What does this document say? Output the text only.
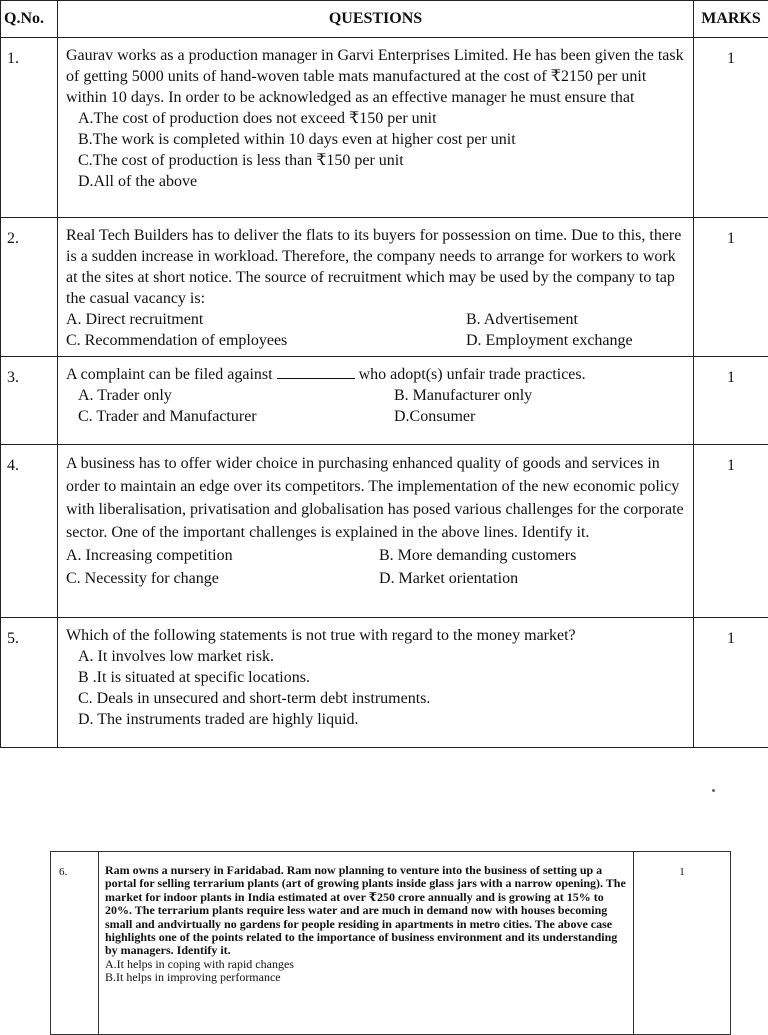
Q.No.	QUESTIONS	MARKS
1.	Gaurav works as a production manager in Garvi Enterprises Limited. He has been given the task of getting 5000 units of hand-woven table mats manufactured at the cost of ₹2150 per unit within 10 days. In order to be acknowledged as an effective manager he must ensure that
A.The cost of production does not exceed ₹150 per unit
B.The work is completed within 10 days even at higher cost per unit
C.The cost of production is less than ₹150 per unit
D.All of the above	1
2.	Real Tech Builders has to deliver the flats to its buyers for possession on time. Due to this, there is a sudden increase in workload. Therefore, the company needs to arrange for workers to work at the sites at short notice. The source of recruitment which may be used by the company to tap the casual vacancy is:
A. Direct recruitment B. Advertisement
C. Recommendation of employees D. Employment exchange	1
3.	A complaint can be filed against who adopt(s) unfair trade practices.
A. Trader only B. Manufacturer only
C. Trader and Manufacturer D.Consumer	1
4.	A business has to offer wider choice in purchasing enhanced quality of goods and services in order to maintain an edge over its competitors. The implementation of the new economic policy with liberalisation, privatisation and globalisation has posed various challenges for the corporate sector. One of the important challenges is explained in the above lines. Identify it.
A. Increasing competition B. More demanding customers
C. Necessity for change D. Market orientation	1
5.	Which of the following statements is not true with regard to the money market?
A. It involves low market risk.
B .It is situated at specific locations.
C. Deals in unsecured and short-term debt instruments.
D. The instruments traded are highly liquid.	1
6.	Ram owns a nursery in Faridabad. Ram now planning to venture into the business of setting up a portal for selling terrarium plants (art of growing plants inside glass jars with a narrow opening). The market for indoor plants in India estimated at over ₹250 crore annually and is growing at 15% to 20%. The terrarium plants require less water and are much in demand now with houses becoming small and andvirtually no gardens for people residing in apartments in metro cities. The above case highlights one of the points related to the importance of business environment and its understanding by managers. Identify it.
A.It helps in coping with rapid changes
B.It helps in improving performance
	1
